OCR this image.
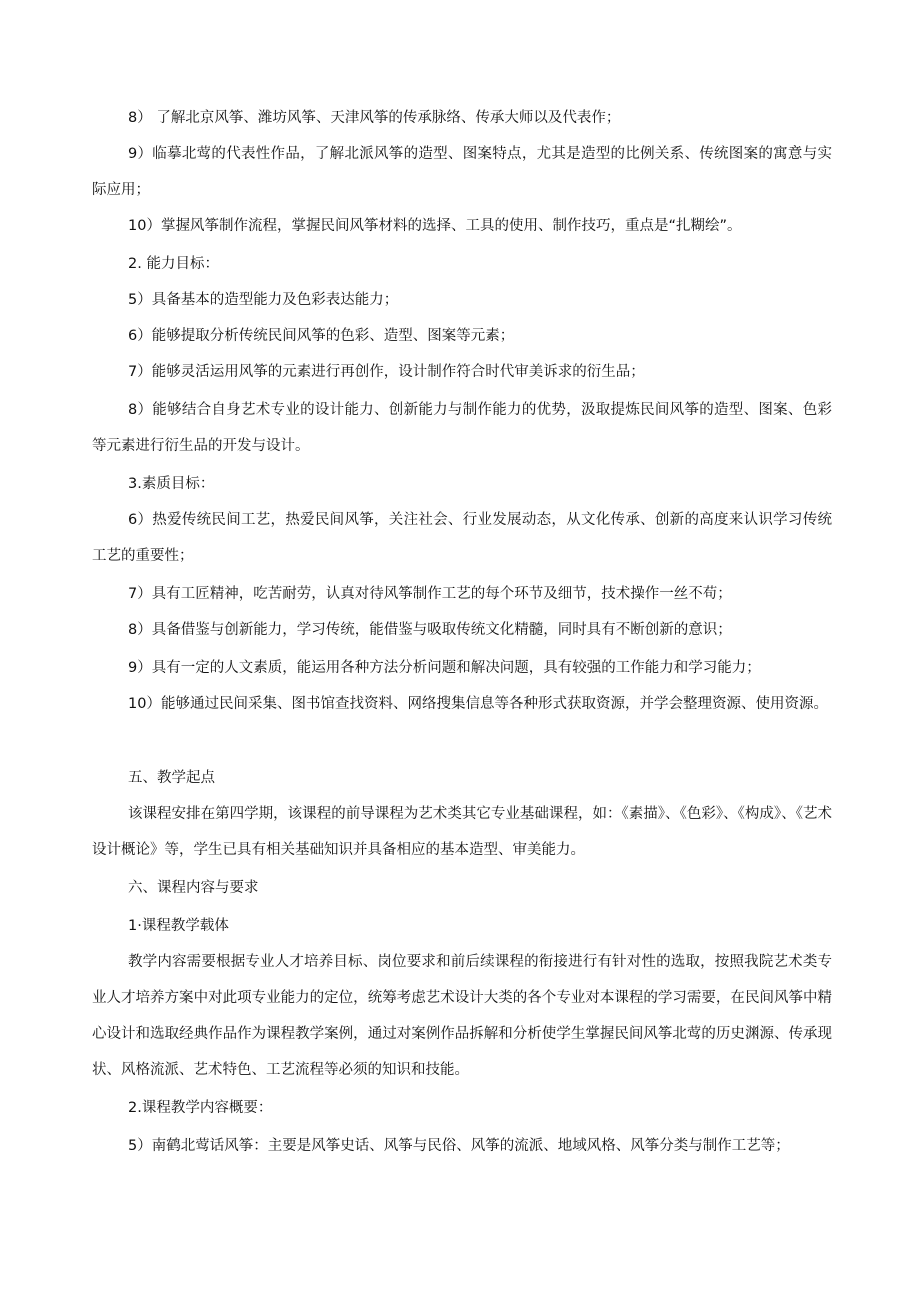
8） 了解北京风筝、潍坊风筝、天津风筝的传承脉络、传承大师以及代表作；

9）临摹北莺的代表性作品，了解北派风筝的造型、图案特点，尤其是造型的比例关系、传统图案的寓意与实际应用；

10）掌握风筝制作流程，掌握民间风筝材料的选择、工具的使用、制作技巧，重点是“扎糊绘”。

2. 能力目标：

5）具备基本的造型能力及色彩表达能力；

6）能够提取分析传统民间风筝的色彩、造型、图案等元素；

7）能够灵活运用风筝的元素进行再创作，设计制作符合时代审美诉求的衍生品；

8）能够结合自身艺术专业的设计能力、创新能力与制作能力的优势，汲取提炼民间风筝的造型、图案、色彩等元素进行衍生品的开发与设计。

3.素质目标：

6）热爱传统民间工艺，热爱民间风筝，关注社会、行业发展动态，从文化传承、创新的高度来认识学习传统工艺的重要性；

7）具有工匠精神，吃苦耐劳，认真对待风筝制作工艺的每个环节及细节，技术操作一丝不苟；

8）具备借鉴与创新能力，学习传统，能借鉴与吸取传统文化精髓，同时具有不断创新的意识；

9）具有一定的人文素质，能运用各种方法分析问题和解决问题，具有较强的工作能力和学习能力；

10）能够通过民间采集、图书馆查找资料、网络搜集信息等各种形式获取资源，并学会整理资源、使用资源。

五、教学起点

该课程安排在第四学期，该课程的前导课程为艺术类其它专业基础课程，如：《素描》、《色彩》、《构成》、《艺术设计概论》等，学生已具有相关基础知识并具备相应的基本造型、审美能力。

六、课程内容与要求

1·课程教学载体

教学内容需要根据专业人才培养目标、岗位要求和前后续课程的衔接进行有针对性的选取，按照我院艺术类专业人才培养方案中对此项专业能力的定位，统筹考虑艺术设计大类的各个专业对本课程的学习需要，在民间风筝中精心设计和选取经典作品作为课程教学案例，通过对案例作品拆解和分析使学生掌握民间风筝北莺的历史渊源、传承现状、风格流派、艺术特色、工艺流程等必须的知识和技能。

2.课程教学内容概要：

5）南鹤北莺话风筝：主要是风筝史话、风筝与民俗、风筝的流派、地域风格、风筝分类与制作工艺等；
